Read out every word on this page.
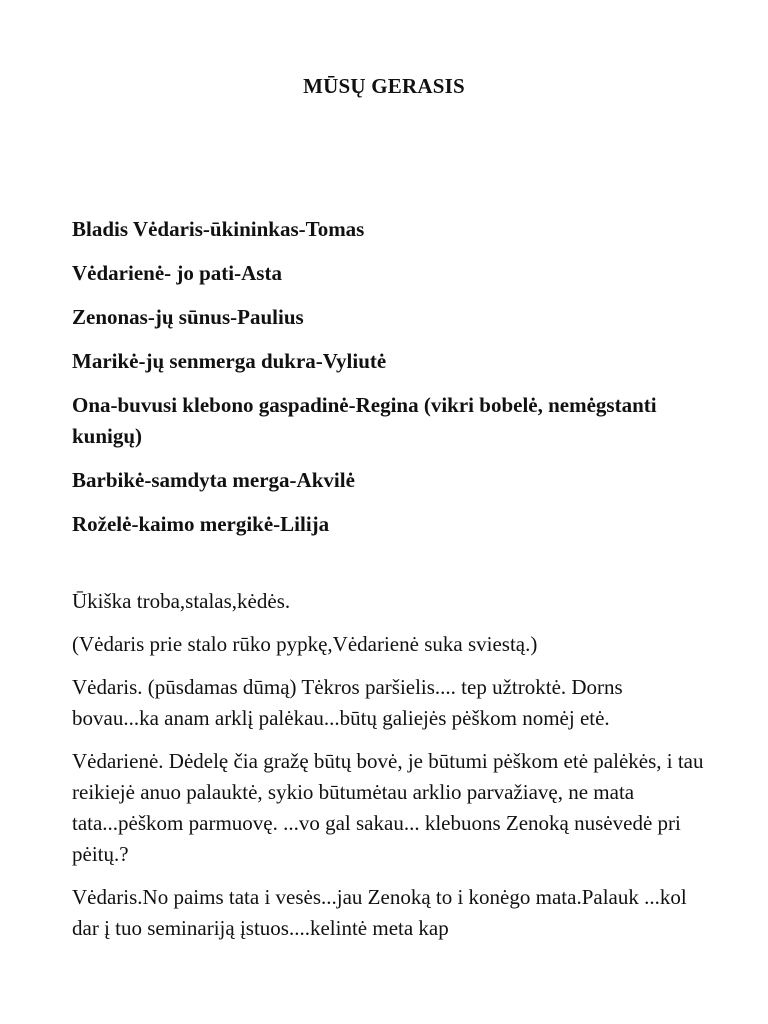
MŪSŲ GERASIS
Bladis Vėdaris-ūkininkas-Tomas
Vėdarienė- jo pati-Asta
Zenonas-jų sūnus-Paulius
Marikė-jų senmerga dukra-Vyliutė
Ona-buvusi klebono gaspadinė-Regina (vikri bobelė, nemėgstanti kunigų)
Barbikė-samdyta merga-Akvilė
Roželė-kaimo mergikė-Lilija

Ūkiška troba,stalas,kėdės.

(Vėdaris prie stalo rūko pypkę,Vėdarienė suka sviestą.)

Vėdaris. (pūsdamas dūmą) Tėkros paršielis.... tep užtroktė. Dorns bovau...ka anam arklį palėkau...būtų galiejės pėškom nomėj etė.

Vėdarienė. Dėdelę čia gražę būtų bovė, je būtumi pėškom etė palėkės, i tau reikiejė anuo palauktė, sykio būtumėtau arklio parvažiavę, ne mata tata...pėškom parmuovę. ...vo gal sakau... klebuons Zenoką nusėvedė pri pėitų.?

Vėdaris.No paims tata i vesės...jau Zenoką to i konėgo mata.Palauk ...kol dar į tuo seminariją įstuos....kelintė meta kap
